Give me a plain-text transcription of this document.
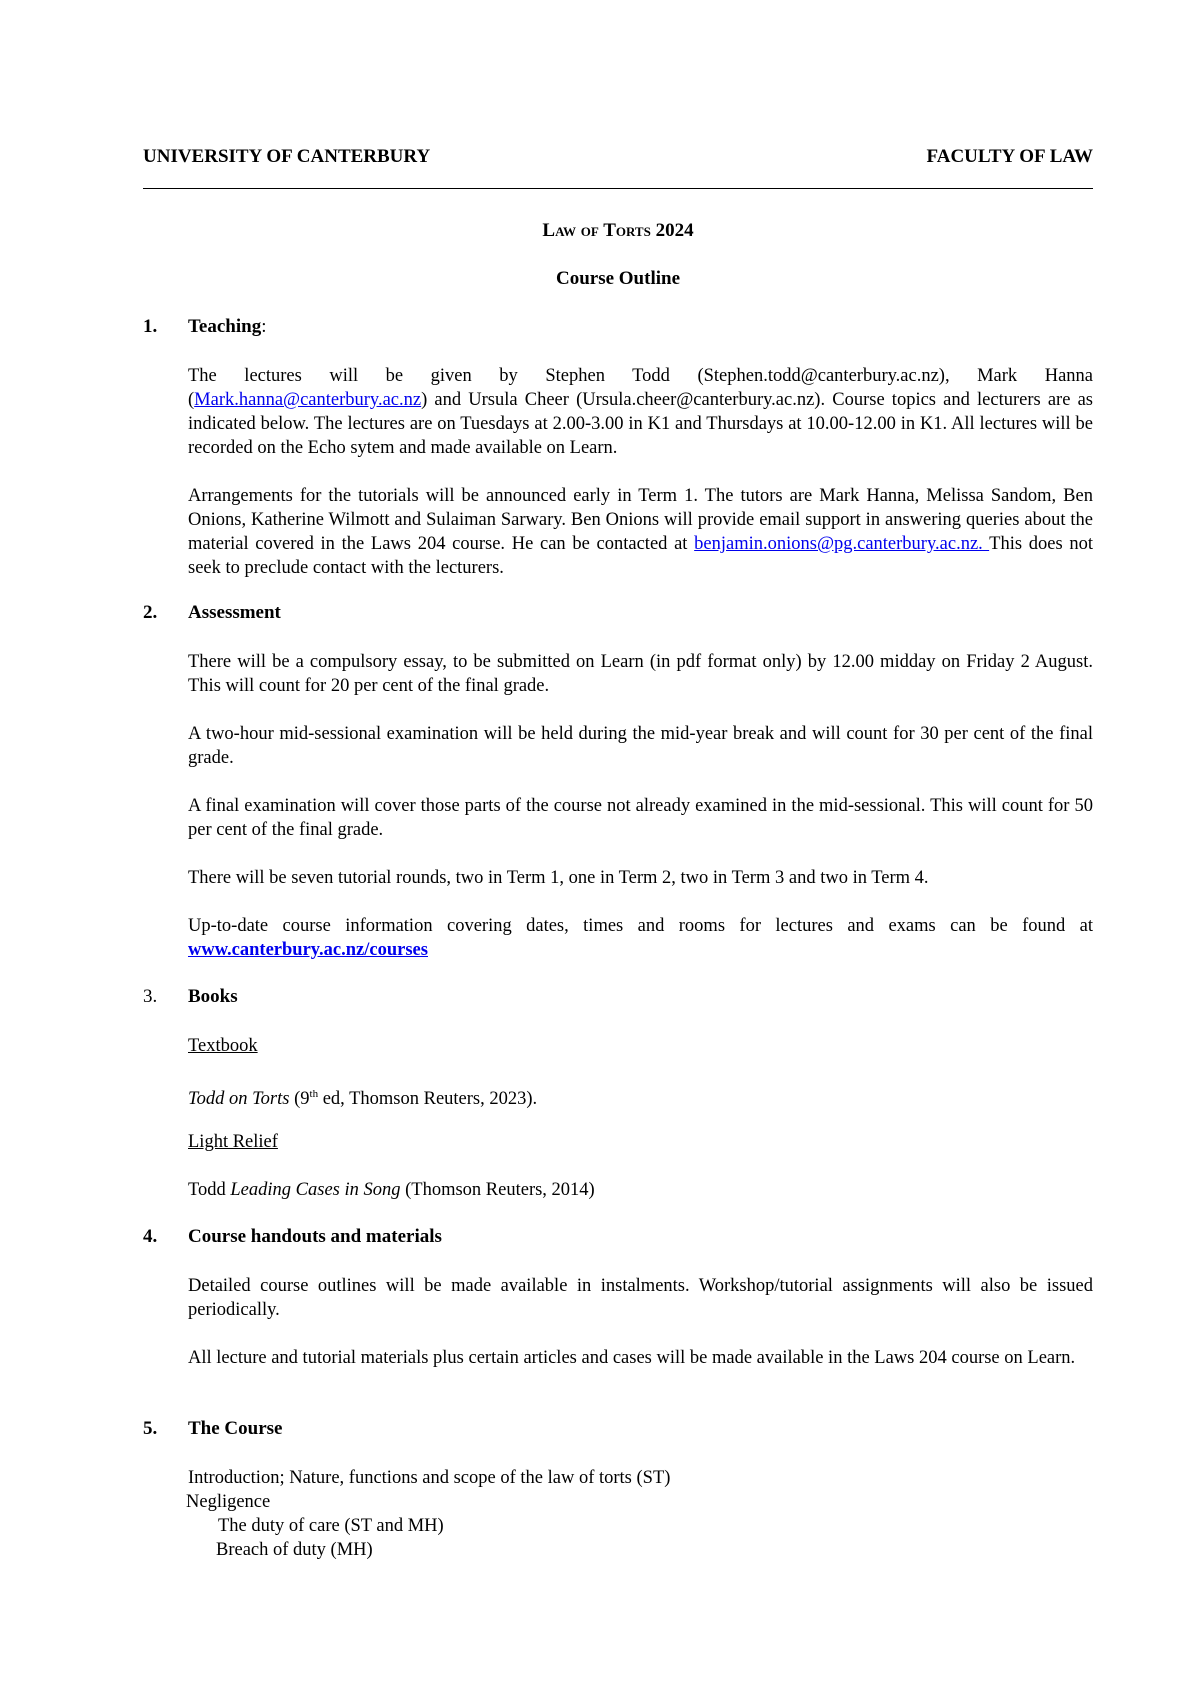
UNIVERSITY OF CANTERBURY	FACULTY OF LAW
Law of Torts 2024
Course Outline
1.	Teaching:
The lectures will be given by Stephen Todd (Stephen.todd@canterbury.ac.nz), Mark Hanna (Mark.hanna@canterbury.ac.nz) and Ursula Cheer (Ursula.cheer@canterbury.ac.nz). Course topics and lecturers are as indicated below. The lectures are on Tuesdays at 2.00-3.00 in K1 and Thursdays at 10.00-12.00 in K1. All lectures will be recorded on the Echo sytem and made available on Learn.
Arrangements for the tutorials will be announced early in Term 1. The tutors are Mark Hanna, Melissa Sandom, Ben Onions, Katherine Wilmott and Sulaiman Sarwary. Ben Onions will provide email support in answering queries about the material covered in the Laws 204 course. He can be contacted at benjamin.onions@pg.canterbury.ac.nz. This does not seek to preclude contact with the lecturers.
2.	Assessment
There will be a compulsory essay, to be submitted on Learn (in pdf format only) by 12.00 midday on Friday 2 August. This will count for 20 per cent of the final grade.
A two-hour mid-sessional examination will be held during the mid-year break and will count for 30 per cent of the final grade.
A final examination will cover those parts of the course not already examined in the mid-sessional. This will count for 50 per cent of the final grade.
There will be seven tutorial rounds, two in Term 1, one in Term 2, two in Term 3 and two in Term 4.
Up-to-date course information covering dates, times and rooms for lectures and exams can be found at
www.canterbury.ac.nz/courses
3.	Books
Textbook
Todd on Torts (9th ed, Thomson Reuters, 2023).
Light Relief
Todd Leading Cases in Song (Thomson Reuters, 2014)
4.	Course handouts and materials
Detailed course outlines will be made available in instalments. Workshop/tutorial assignments will also be issued periodically.
All lecture and tutorial materials plus certain articles and cases will be made available in the Laws 204 course on Learn.
5.	The Course
Introduction; Nature, functions and scope of the law of torts (ST)
Negligence
The duty of care (ST and MH)
Breach of duty (MH)
